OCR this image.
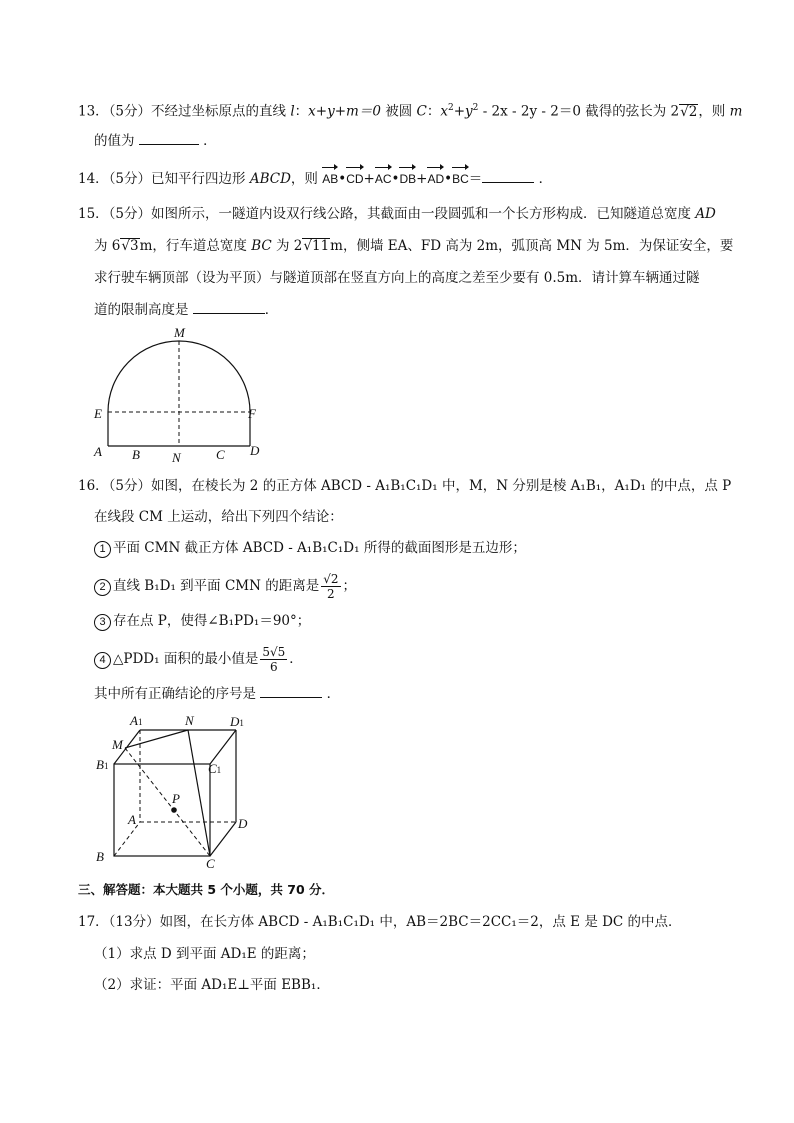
13．（5分）不经过坐标原点的直线 l：x+y+m＝0 被圆 C：$x^2+y^2 - 2x - 2y - 2=0$ 截得的弦长为 2√2，则 m
的值为	．
14．（5分）已知平行四边形 ABCD，则 AB•CD+AC•DB+AD•BC＝	．
15．（5分）如图所示，一隧道内设双行线公路，其截面由一段圆弧和一个长方形构成．已知隧道总宽度 AD
为 6√3m，行车道总宽度 BC 为 2√11m，侧墙 EA、FD 高为 2m，弧顶高 MN 为 5m．为保证安全，要
求行驶车辆顶部（设为平顶）与隧道顶部在竖直方向上的高度之差至少要有 0.5m．请计算车辆通过隧
道的限制高度是	．
M
E	F
A B N	C D
16．（5分）如图，在棱长为 2 的正方体 ABCD - A₁B₁C₁D₁ 中，M，N 分别是棱 A₁B₁，A₁D₁ 的中点，点 P
在线段 CM 上运动，给出下列四个结论：
1 平面 CMN 截正方体 ABCD - A₁B₁C₁D₁ 所得的截面图形是五边形；
2 直线 B₁D₁ 到平面 CMN 的距离是 $\frac{√2}{2}$ ；
3 存在点 P，使得∠B₁PD₁＝90°；
4 △PDD₁ 面积的最小值是 $\frac{5√5}{6}$ ．
其中所有正确结论的序号是	．
A1	N	D1
M
B1	C1
P
A	D
B	C
三、解答题：本大题共 5 个小题，共 70 分．
17．（13分）如图，在长方体 ABCD - A₁B₁C₁D₁ 中，AB＝2BC＝2CC₁＝2，点 E 是 DC 的中点．
（1）求点 D 到平面 AD₁E 的距离；
（2）求证：平面 AD₁E⊥平面 EBB₁．
